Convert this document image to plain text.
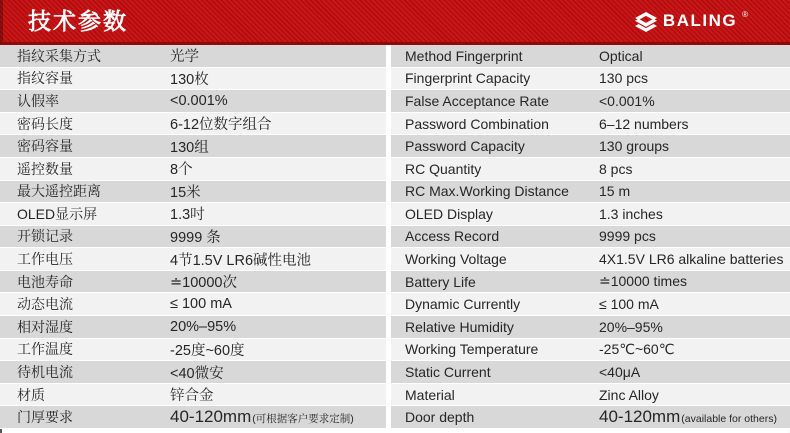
技术参数	BALING ®
指纹采集方式	光学
指纹容量	130枚
认假率	<0.001%
密码长度	6-12位数字组合
密码容量	130组
遥控数量	8个
最大遥控距离	15米
OLED显示屏	1.3吋
开锁记录	9999 条
工作电压	4节1.5V LR6碱性电池
电池寿命	≐10000次
动态电流	≤ 100 mA
相对湿度	20%–95%
工作温度	-25度~60度
待机电流	<40微安
材质	锌合金
门厚要求	40-120mm (可根据客户要求定制)
Method Fingerprint	Optical
Fingerprint Capacity	130 pcs
False Acceptance Rate	<0.001%
Password Combination	6–12 numbers
Password Capacity	130 groups
RC Quantity	8 pcs
RC Max.Working Distance	15 m
OLED Display	1.3 inches
Access Record	9999 pcs
Working Voltage	4X1.5V LR6 alkaline batteries
Battery Life	≐10000 times
Dynamic Currently	≤ 100 mA
Relative Humidity	20%–95%
Working Temperature	-25℃~60℃
Static Current	<40μA
Material	Zinc Alloy
Door depth	40-120mm (available for others)
